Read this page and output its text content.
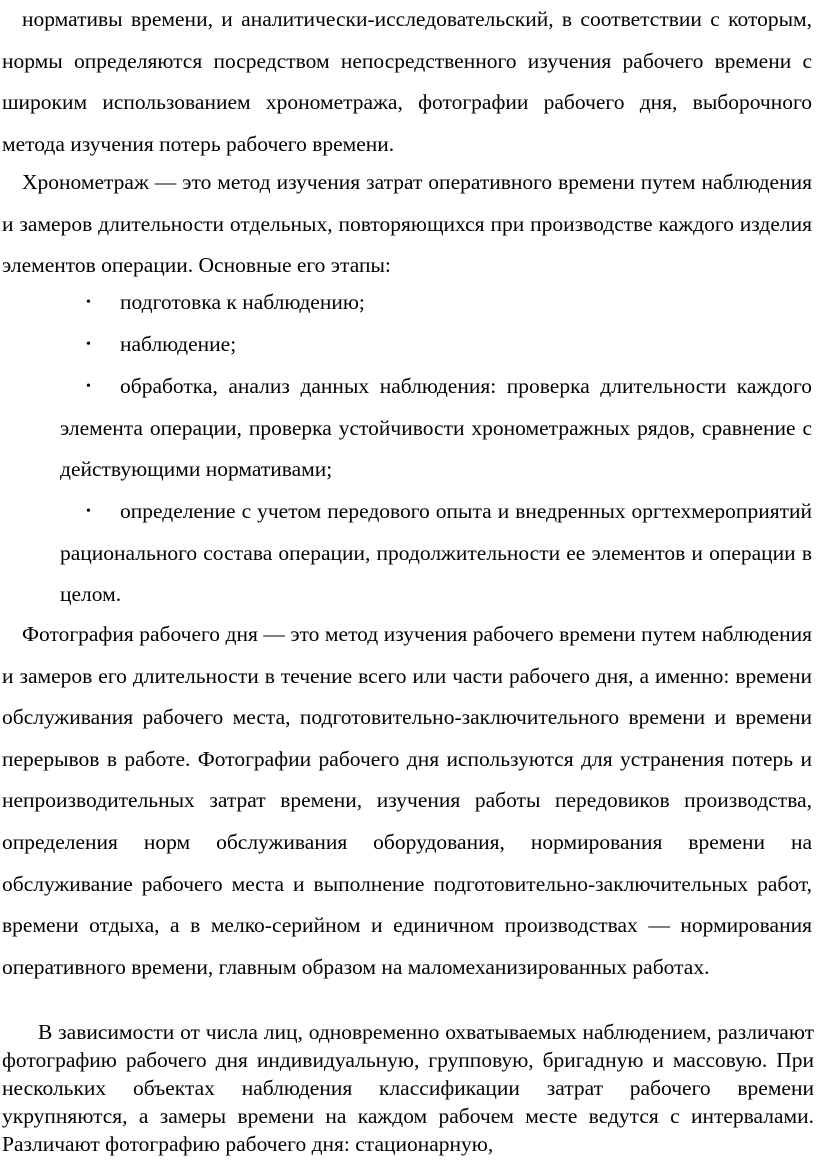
нормативы времени, и аналитически-исследовательский, в соответствии с которым, нормы определяются посредством непосредственного изучения рабочего времени с широким использованием хронометража, фотографии рабочего дня, выборочного метода изучения потерь рабочего времени.

Хронометраж — это метод изучения затрат оперативного времени путем наблюдения и замеров длительности отдельных, повторяющихся при производстве каждого изделия элементов операции. Основные его этапы:

• подготовка к наблюдению;
• наблюдение;
• обработка, анализ данных наблюдения: проверка длительности каждого элемента операции, проверка устойчивости хронометражных рядов, сравнение с действующими нормативами;
• определение с учетом передового опыта и внедренных оргтехмероприятий рационального состава операции, продолжительности ее элементов и операции в целом.

Фотография рабочего дня — это метод изучения рабочего времени путем наблюдения и замеров его длительности в течение всего или части рабочего дня, а именно: времени обслуживания рабочего места, подготовительно-заключительного времени и времени перерывов в работе. Фотографии рабочего дня используются для устранения потерь и непроизводительных затрат времени, изучения работы передовиков производства, определения норм обслуживания оборудования, нормирования времени на обслуживание рабочего места и выполнение подготовительно-заключительных работ, времени отдыха, а в мелко-серийном и единичном производствах — нормирования оперативного времени, главным образом на маломеханизированных работах.

В зависимости от числа лиц, одновременно охватываемых наблюдением, различают фотографию рабочего дня индивидуальную, групповую, бригадную и массовую. При нескольких объектах наблюдения классификации затрат рабочего времени укрупняются, а замеры времени на каждом рабочем месте ведутся с интервалами. Различают фотографию рабочего дня: стационарную,
